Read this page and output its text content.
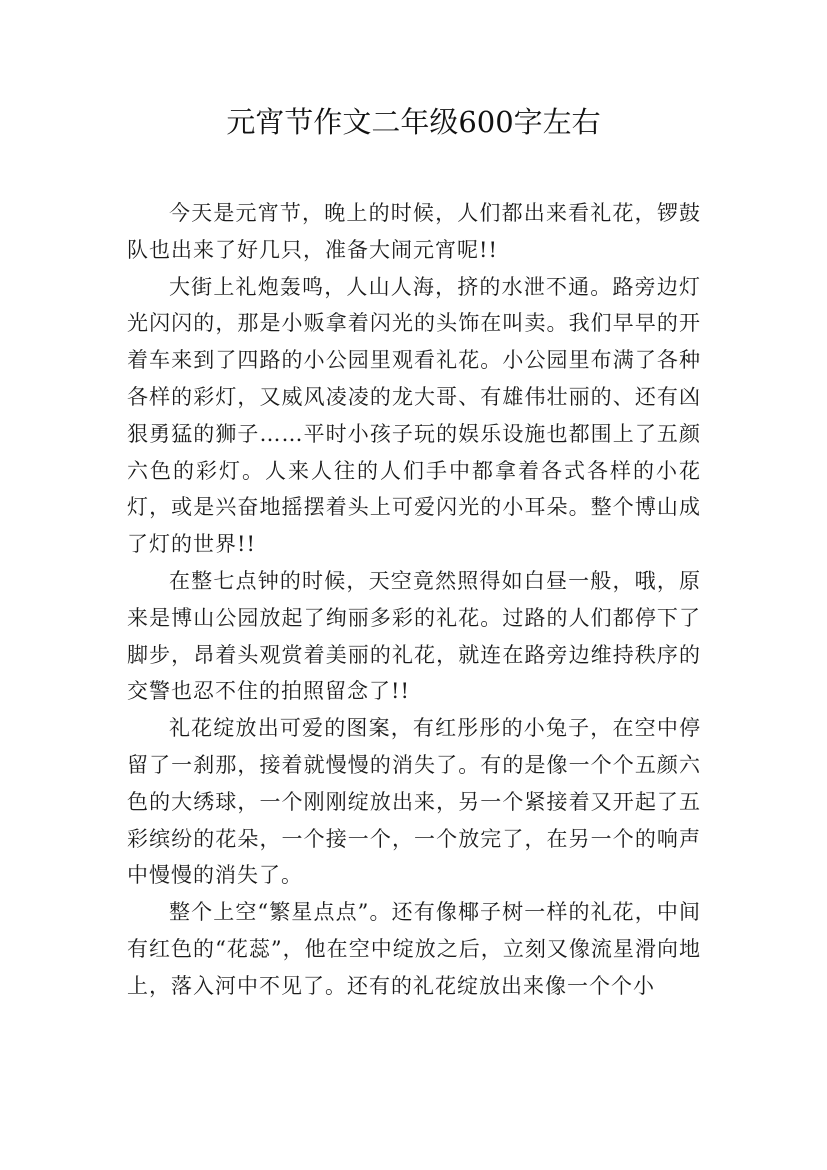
元宵节作文二年级600字左右

今天是元宵节，晚上的时候，人们都出来看礼花，锣鼓队也出来了好几只，准备大闹元宵呢!!

大街上礼炮轰鸣，人山人海，挤的水泄不通。路旁边灯光闪闪的，那是小贩拿着闪光的头饰在叫卖。我们早早的开着车来到了四路的小公园里观看礼花。小公园里布满了各种各样的彩灯，又威风凌凌的龙大哥、有雄伟壮丽的、还有凶狠勇猛的狮子……平时小孩子玩的娱乐设施也都围上了五颜六色的彩灯。人来人往的人们手中都拿着各式各样的小花灯，或是兴奋地摇摆着头上可爱闪光的小耳朵。整个博山成了灯的世界!!

在整七点钟的时候，天空竟然照得如白昼一般，哦，原来是博山公园放起了绚丽多彩的礼花。过路的人们都停下了脚步，昂着头观赏着美丽的礼花，就连在路旁边维持秩序的交警也忍不住的拍照留念了!!

礼花绽放出可爱的图案，有红彤彤的小兔子，在空中停留了一刹那，接着就慢慢的消失了。有的是像一个个五颜六色的大绣球，一个刚刚绽放出来，另一个紧接着又开起了五彩缤纷的花朵，一个接一个，一个放完了，在另一个的响声中慢慢的消失了。

整个上空“繁星点点”。还有像椰子树一样的礼花，中间有红色的“花蕊”，他在空中绽放之后，立刻又像流星滑向地上，落入河中不见了。还有的礼花绽放出来像一个个小
